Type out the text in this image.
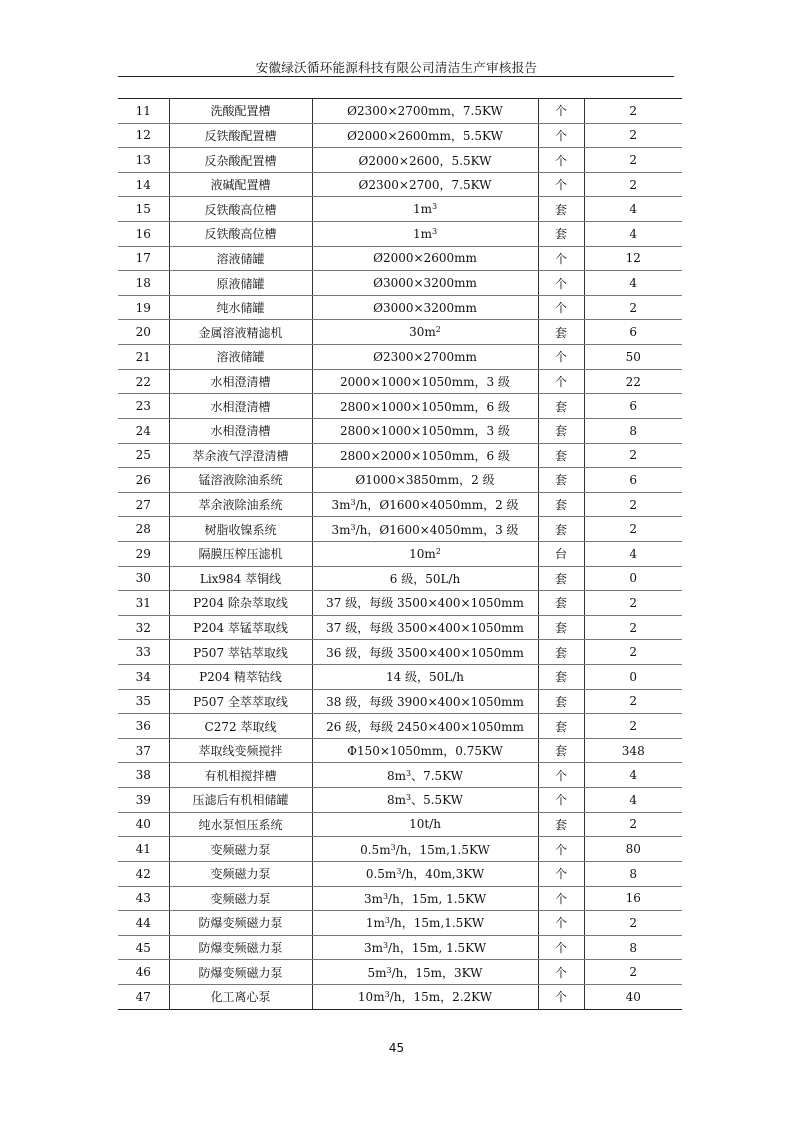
安徽绿沃循环能源科技有限公司清洁生产审核报告
11	洗酸配置槽	Ø2300×2700mm，7.5KW	个	2
12	反铁酸配置槽	Ø2000×2600mm，5.5KW	个	2
13	反杂酸配置槽	Ø2000×2600，5.5KW	个	2
14	液碱配置槽	Ø2300×2700，7.5KW	个	2
15	反铁酸高位槽	$1m^3$	套	4
16	反铁酸高位槽	$1m^3$	套	4
17	溶液储罐	Ø2000×2600mm	个	12
18	原液储罐	Ø3000×3200mm	个	4
19	纯水储罐	Ø3000×3200mm	个	2
20	金属溶液精滤机	$30m^2$	套	6
21	溶液储罐	Ø2300×2700mm	个	50
22	水相澄清槽	2000×1000×1050mm，3 级	个	22
23	水相澄清槽	2800×1000×1050mm，6 级	套	6
24	水相澄清槽	2800×1000×1050mm，3 级	套	8
25	萃余液气浮澄清槽	2800×2000×1050mm，6 级	套	2
26	锰溶液除油系统	Ø1000×3850mm，2 级	套	6
27	萃余液除油系统	$3m^3/h$，Ø1600×4050mm，2 级	套	2
28	树脂收镍系统	$3m^3/h$，Ø1600×4050mm，3 级	套	2
29	隔膜压榨压滤机	$10m^2$	台	4
30	Lix984 萃铜线	6 级，50L/h	套	0
31	P204 除杂萃取线	37 级，每级 3500×400×1050mm	套	2
32	P204 萃锰萃取线	37 级，每级 3500×400×1050mm	套	2
33	P507 萃钴萃取线	36 级，每级 3500×400×1050mm	套	2
34	P204 精萃钴线	14 级，50L/h	套	0
35	P507 全萃萃取线	38 级，每级 3900×400×1050mm	套	2
36	C272 萃取线	26 级，每级 2450×400×1050mm	套	2
37	萃取线变频搅拌	Φ150×1050mm，0.75KW	套	348
38	有机相搅拌槽	$8m^3$、7.5KW	个	4
39	压滤后有机相储罐	$8m^3$、5.5KW	个	4
40	纯水泵恒压系统	10t/h	套	2
41	变频磁力泵	$0.5m^3/h$，15m,1.5KW	个	80
42	变频磁力泵	$0.5m^3/h$，40m,3KW	个	8
43	变频磁力泵	$3m^3/h$，15m, 1.5KW	个	16
44	防爆变频磁力泵	$1m^3/h$，15m,1.5KW	个	2
45	防爆变频磁力泵	$3m^3/h$，15m, 1.5KW	个	8
46	防爆变频磁力泵	$5m^3/h$，15m，3KW	个	2
47	化工离心泵	$10m^3/h$，15m，2.2KW	个	40
45
